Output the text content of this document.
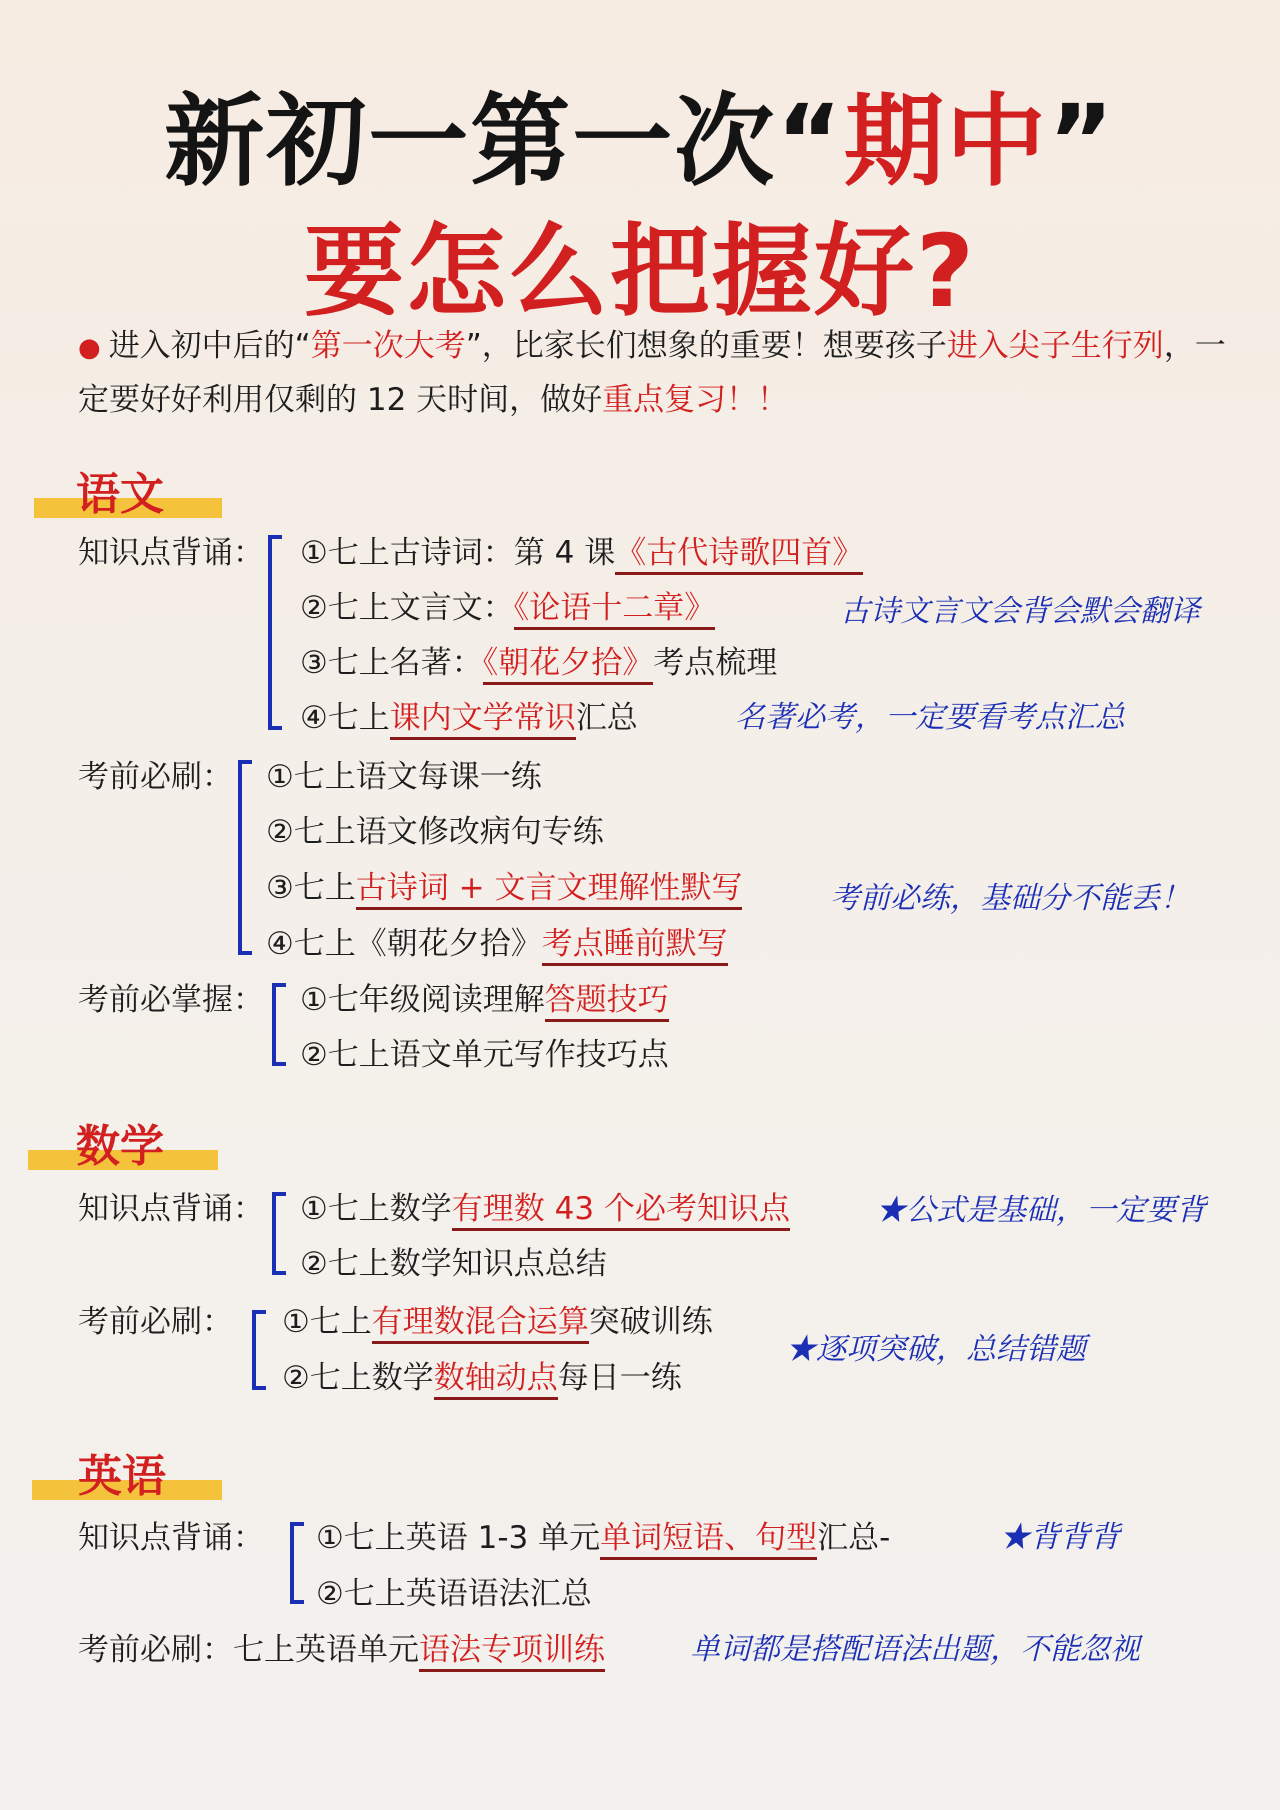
新初一第一次“期中”
要怎么把握好?
● 进入初中后的“第一次大考”，比家长们想象的重要！想要孩子进入尖子生行列，一定要好好利用仅剩的 12 天时间，做好重点复习！！
语文
知识点背诵： ①七上古诗词：第 4 课《古代诗歌四首》
②七上文言文：《论语十二章》
③七上名著：《朝花夕拾》考点梳理
④七上课内文学常识汇总
古诗文言文会背会默会翻译
名著必考，一定要看考点汇总
考前必刷： ①七上语文每课一练
②七上语文修改病句专练
③七上古诗词 + 文言文理解性默写
④七上《朝花夕拾》考点睡前默写
考前必练，基础分不能丢！
考前必掌握： ①七年级阅读理解答题技巧
②七上语文单元写作技巧点
数学
知识点背诵： ①七上数学有理数 43 个必考知识点
②七上数学知识点总结
★公式是基础，一定要背
考前必刷： ①七上有理数混合运算突破训练
②七上数学数轴动点每日一练
★逐项突破，总结错题
英语
知识点背诵： ①七上英语 1-3 单元单词短语、句型汇总-
②七上英语语法汇总
★背背背
考前必刷：七上英语单元语法专项训练	单词都是搭配语法出题，不能忽视
